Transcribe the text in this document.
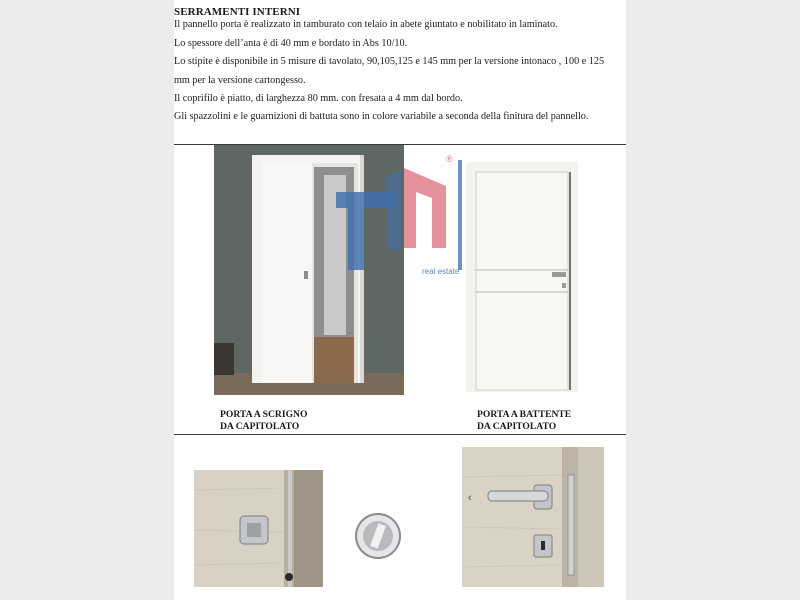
SERRAMENTI INTERNI
Il pannello porta è realizzato in tamburato con telaio in abete giuntato e nobilitato in laminato.
Lo spessore dell’anta è di 40 mm e bordato in Abs 10/10.
Lo stipite è disponibile in 5 misure di tavolato, 90,105,125 e 145 mm per la versione intonaco , 100 e 125
mm per la versione cartongesso.
Il coprifilo è piatto, di larghezza 80 mm. con fresata a 4 mm dal bordo.
Gli spazzolini e le guarnizioni di battuta sono in colore variabile a seconda della finitura del pannello.
real estate
®
PORTA A SCRIGNO
DA CAPITOLATO
PORTA A BATTENTE
DA CAPITOLATO
‹
